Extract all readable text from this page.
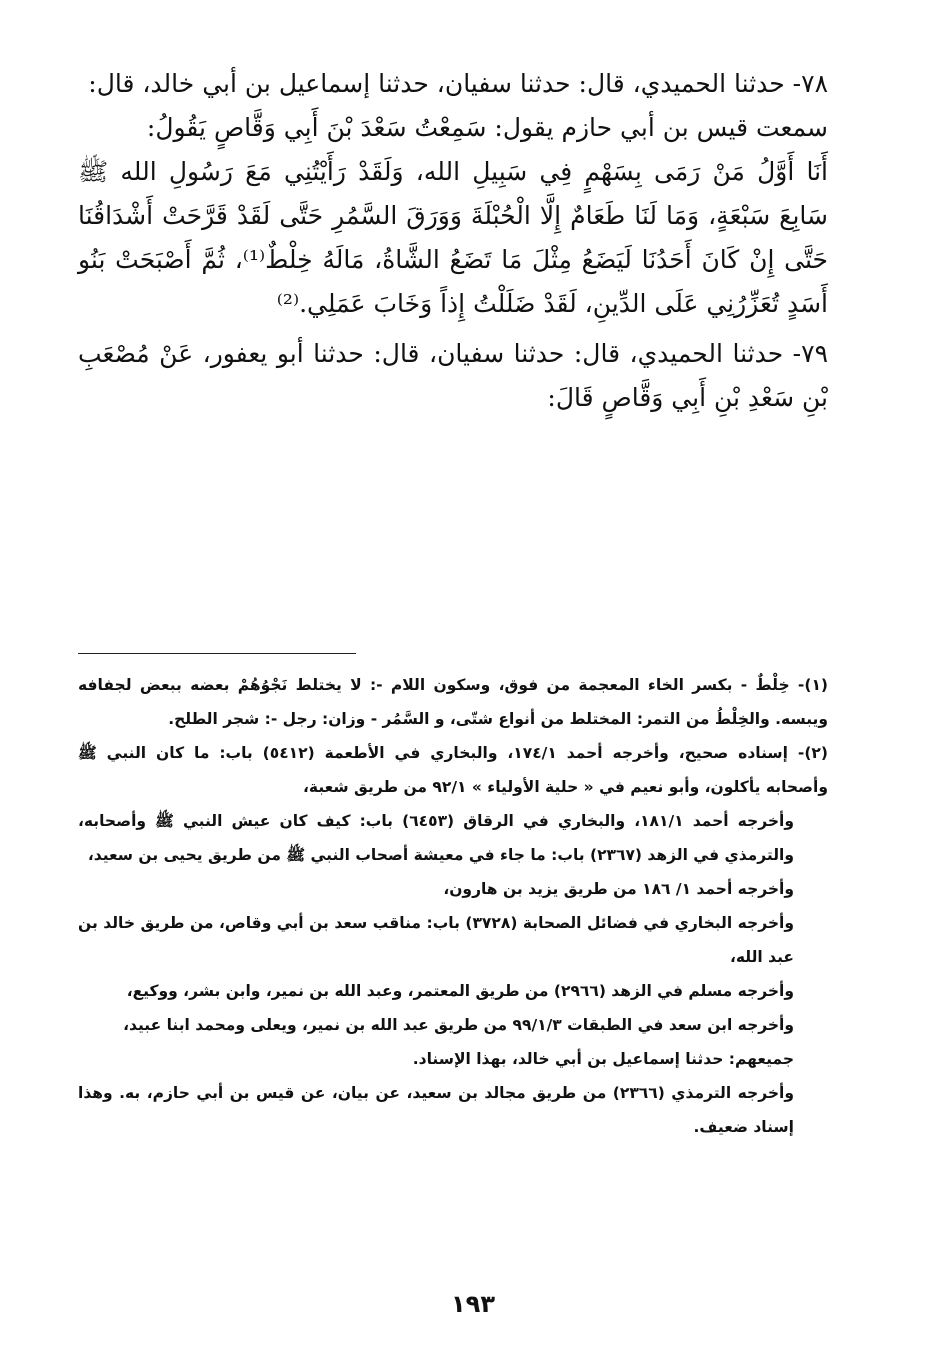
٧٨- حدثنا الحميدي، قال: حدثنا سفيان، حدثنا إسماعيل بن أبي خالد، قال:

سمعت قيس بن أبي حازم يقول: سَمِعْتُ سَعْدَ بْنَ أَبِي وَقَّاصٍ يَقُولُ:

أَنَا أَوَّلُ مَنْ رَمَى بِسَهْمٍ فِي سَبِيلِ الله، وَلَقَدْ رَأَيْتُنِي مَعَ رَسُولِ الله ﷺ سَابِعَ سَبْعَةٍ، وَمَا لَنَا طَعَامٌ إِلَّا الْحُبْلَةَ وَوَرَقَ السَّمُرِ حَتَّى لَقَدْ قَرَّحَتْ أَشْدَاقُنَا حَتَّى إِنْ كَانَ أَحَدُنَا لَيَضَعُ مِثْلَ مَا تَضَعُ الشَّاةُ، مَالَهُ خِلْطٌ⁽¹⁾، ثُمَّ أَصْبَحَتْ بَنُو أَسَدٍ تُعَزِّرُنِي عَلَى الدِّينِ، لَقَدْ ضَلَلْتُ إِذاً وَخَابَ عَمَلِي.⁽²⁾

٧٩- حدثنا الحميدي، قال: حدثنا سفيان، قال: حدثنا أبو يعفور، عَنْ مُصْعَبِ بْنِ سَعْدِ بْنِ أَبِي وَقَّاصٍ قَالَ:

(١)- خِلْطٌ - بكسر الخاء المعجمة من فوق، وسكون اللام -: لا يختلط نَجْوُهُمْ بعضه ببعض لجفافه ويبسه. والخِلْطُ من التمر: المختلط من أنواع شتّى، و السَّمُر - وزان: رجل -: شجر الطلح.

(٢)- إسناده صحيح، وأخرجه أحمد ١٧٤/١، والبخاري في الأطعمة (٥٤١٢) باب: ما كان النبي ﷺ وأصحابه يأكلون، وأبو نعيم في « حلية الأولياء » ٩٢/١ من طريق شعبة،

وأخرجه أحمد ١٨١/١، والبخاري في الرقاق (٦٤٥٣) باب: كيف كان عيش النبي ﷺ وأصحابه، والترمذي في الزهد (٢٣٦٧) باب: ما جاء في معيشة أصحاب النبي ﷺ من طريق يحيى بن سعيد،

وأخرجه أحمد ١/ ١٨٦ من طريق يزيد بن هارون،

وأخرجه البخاري في فضائل الصحابة (٣٧٢٨) باب: مناقب سعد بن أبي وقاص، من طريق خالد بن عبد الله،

وأخرجه مسلم في الزهد (٢٩٦٦) من طريق المعتمر، وعبد الله بن نمير، وابن بشر، ووكيع،

وأخرجه ابن سعد في الطبقات ٩٩/١/٣ من طريق عبد الله بن نمير، ويعلى ومحمد ابنا عبيد،

جميعهم: حدثنا إسماعيل بن أبي خالد، بهذا الإسناد.

وأخرجه الترمذي (٢٣٦٦) من طريق مجالد بن سعيد، عن بيان، عن قيس بن أبي حازم، به. وهذا إسناد ضعيف.

١٩٣
